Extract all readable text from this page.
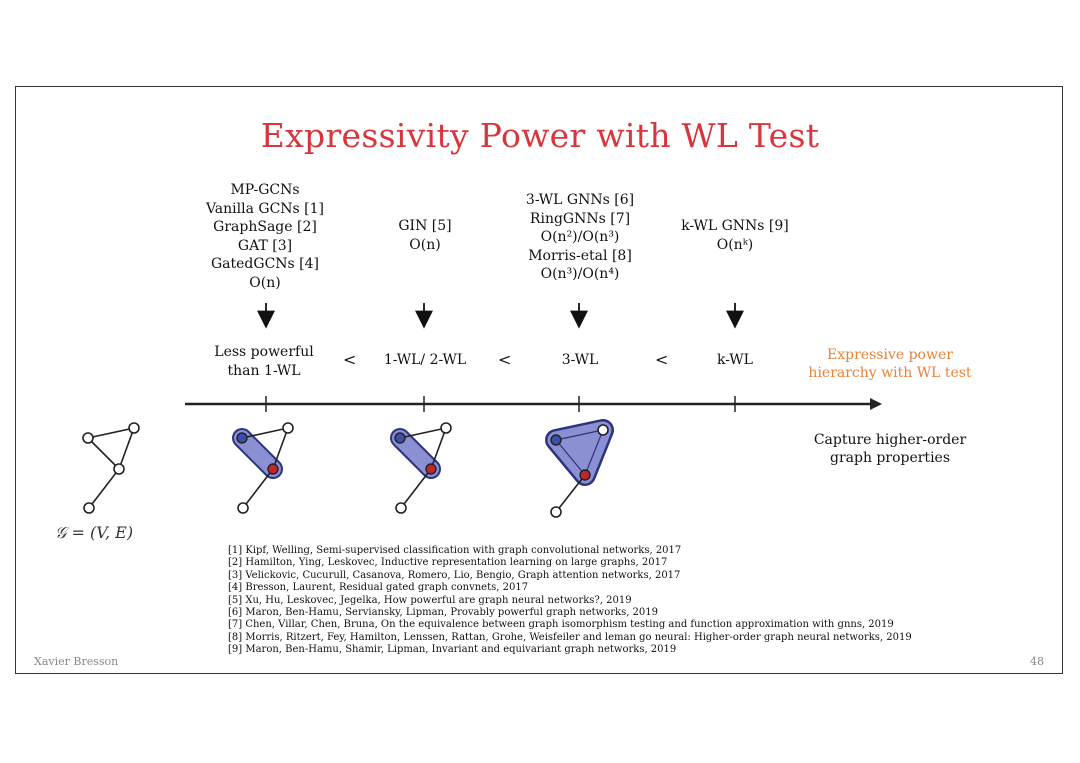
Expressivity Power with WL Test
MP-GCNs
Vanilla GCNs [1]
GraphSage [2]
GAT [3]
GatedGCNs [4]
O(n)
GIN [5]
O(n)
3-WL GNNs [6]
RingGNNs [7]
O(n²)/O(n³)
Morris-etal [8]
O(n³)/O(n⁴)
k-WL GNNs [9]
O(nᵏ)
Less powerful
than 1-WL
1-WL/ 2-WL	3-WL	k-WL
<	<	<	Expressive power
hierarchy with WL test
Capture higher-order
graph properties
𝒢 = (V, E)
[1] Kipf, Welling, Semi-supervised classification with graph convolutional networks, 2017
[2] Hamilton, Ying, Leskovec, Inductive representation learning on large graphs, 2017
[3] Velickovic, Cucurull, Casanova, Romero, Lio, Bengio, Graph attention networks, 2017
[4] Bresson, Laurent, Residual gated graph convnets, 2017
[5] Xu, Hu, Leskovec, Jegelka, How powerful are graph neural networks?, 2019
[6] Maron, Ben-Hamu, Serviansky, Lipman, Provably powerful graph networks, 2019
[7] Chen, Villar, Chen, Bruna, On the equivalence between graph isomorphism testing and function approximation with gnns, 2019
[8] Morris, Ritzert, Fey, Hamilton, Lenssen, Rattan, Grohe, Weisfeiler and leman go neural: Higher-order graph neural networks, 2019
[9] Maron, Ben-Hamu, Shamir, Lipman, Invariant and equivariant graph networks, 2019
Xavier Bresson	48
